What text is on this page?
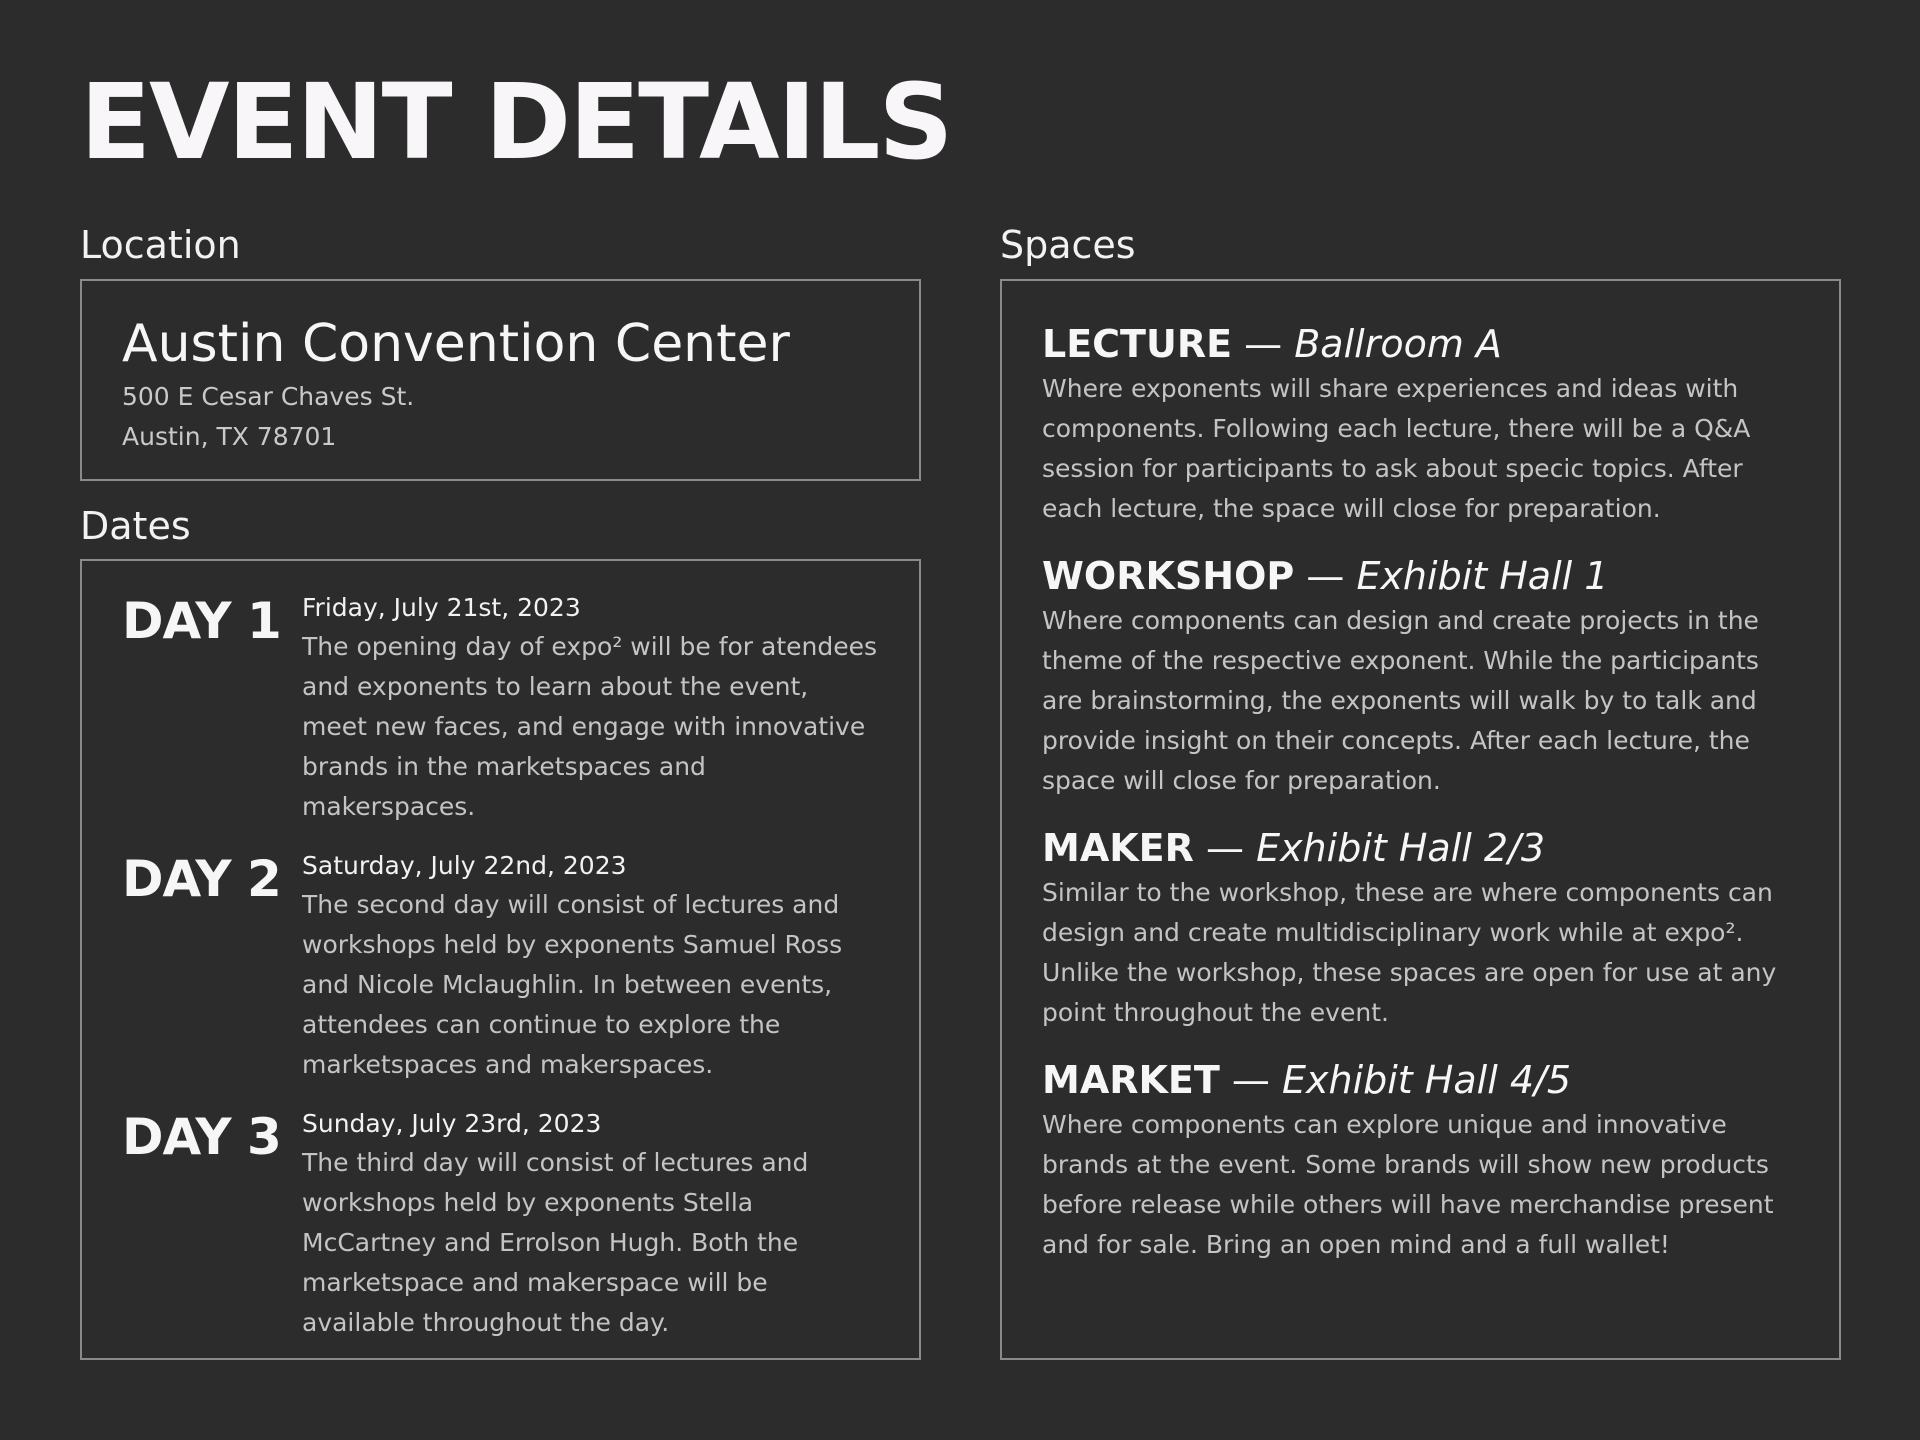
EVENT DETAILS
Location
Austin Convention Center

500 E Cesar Chaves St.

Austin, TX 78701

Dates
DAY 1 Friday, July 21st, 2023

The opening day of expo² will be for atendees and exponents to learn about the event, meet new faces, and engage with innovative brands in the marketspaces and makerspaces.

DAY 2 Saturday, July 22nd, 2023

The second day will consist of lectures and workshops held by exponents Samuel Ross and Nicole Mclaughlin. In between events, attendees can continue to explore the marketspaces and makerspaces.

DAY 3 Sunday, July 23rd, 2023

The third day will consist of lectures and workshops held by exponents Stella McCartney and Errolson Hugh. Both the marketspace and makerspace will be available throughout the day.

Spaces
LECTURE — Ballroom A

Where exponents will share experiences and ideas with components. Following each lecture, there will be a Q&A session for participants to ask about specic topics. After each lecture, the space will close for preparation.

WORKSHOP — Exhibit Hall 1

Where components can design and create projects in the theme of the respective exponent. While the participants are brainstorming, the exponents will walk by to talk and provide insight on their concepts. After each lecture, the space will close for preparation.

MAKER — Exhibit Hall 2/3

Similar to the workshop, these are where components can design and create multidisciplinary work while at expo². Unlike the workshop, these spaces are open for use at any point throughout the event.

MARKET — Exhibit Hall 4/5

Where components can explore unique and innovative brands at the event. Some brands will show new products before release while others will have merchandise present and for sale. Bring an open mind and a full wallet!
